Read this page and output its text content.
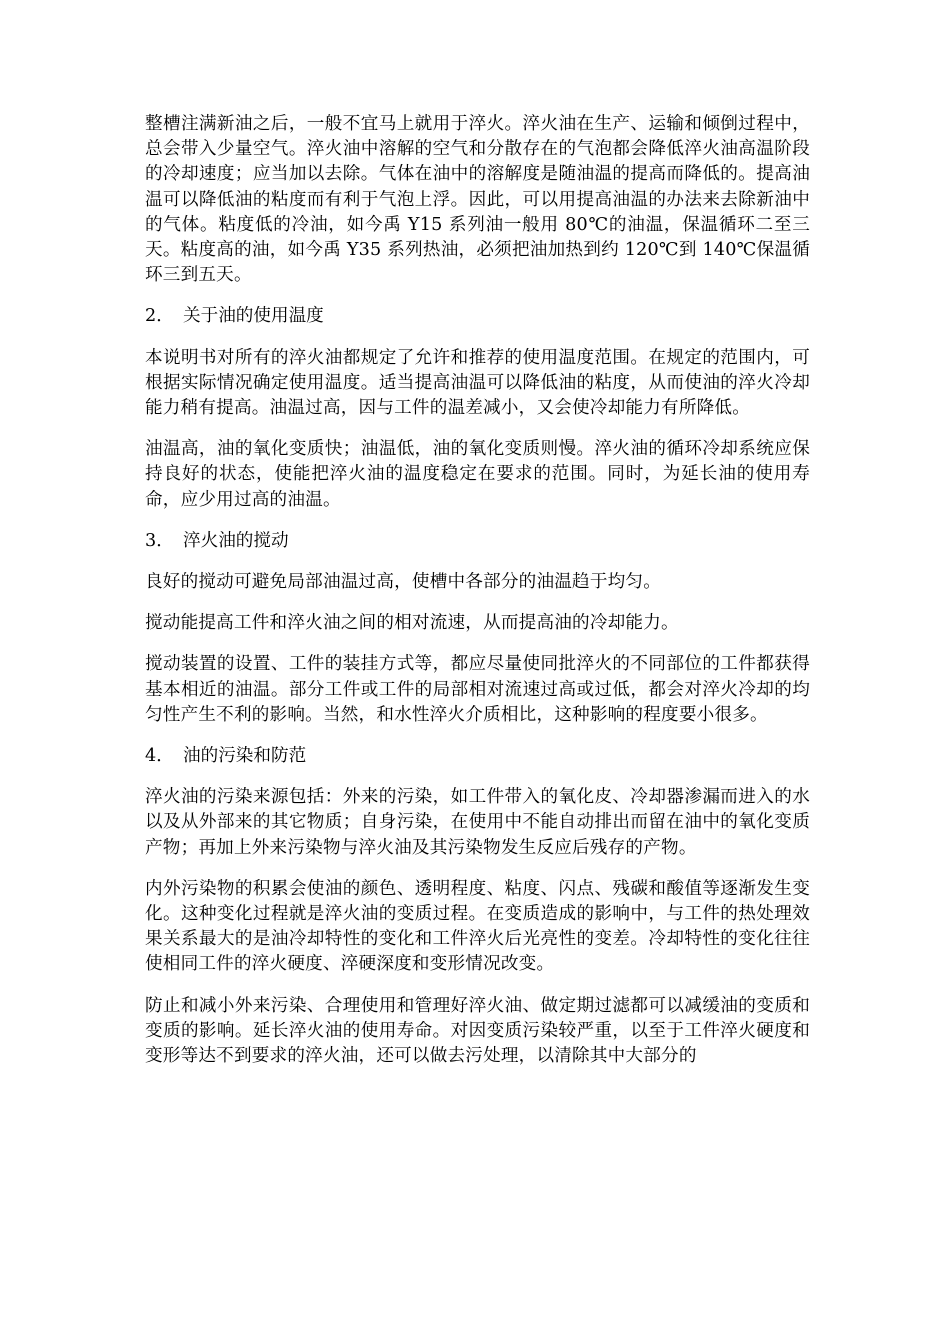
整槽注满新油之后，一般不宜马上就用于淬火。淬火油在生产、运输和倾倒过程中，总会带入少量空气。淬火油中溶解的空气和分散存在的气泡都会降低淬火油高温阶段的冷却速度；应当加以去除。气体在油中的溶解度是随油温的提高而降低的。提高油温可以降低油的粘度而有利于气泡上浮。因此，可以用提高油温的办法来去除新油中的气体。粘度低的冷油，如今禹 Y15 系列油一般用 80℃的油温，保温循环二至三天。粘度高的油，如今禹 Y35 系列热油，必须把油加热到约 120℃到 140℃保温循环三到五天。

2． 关于油的使用温度

本说明书对所有的淬火油都规定了允许和推荐的使用温度范围。在规定的范围内，可根据实际情况确定使用温度。适当提高油温可以降低油的粘度，从而使油的淬火冷却能力稍有提高。油温过高，因与工件的温差减小，又会使冷却能力有所降低。

油温高，油的氧化变质快；油温低，油的氧化变质则慢。淬火油的循环冷却系统应保持良好的状态，使能把淬火油的温度稳定在要求的范围。同时，为延长油的使用寿命，应少用过高的油温。

3． 淬火油的搅动

良好的搅动可避免局部油温过高，使槽中各部分的油温趋于均匀。

搅动能提高工件和淬火油之间的相对流速，从而提高油的冷却能力。

搅动装置的设置、工件的装挂方式等，都应尽量使同批淬火的不同部位的工件都获得基本相近的油温。部分工件或工件的局部相对流速过高或过低，都会对淬火冷却的均匀性产生不利的影响。当然，和水性淬火介质相比，这种影响的程度要小很多。

4． 油的污染和防范

淬火油的污染来源包括：外来的污染，如工件带入的氧化皮、冷却器渗漏而进入的水以及从外部来的其它物质；自身污染，在使用中不能自动排出而留在油中的氧化变质产物；再加上外来污染物与淬火油及其污染物发生反应后残存的产物。

内外污染物的积累会使油的颜色、透明程度、粘度、闪点、残碳和酸值等逐渐发生变化。这种变化过程就是淬火油的变质过程。在变质造成的影响中，与工件的热处理效果关系最大的是油冷却特性的变化和工件淬火后光亮性的变差。冷却特性的变化往往使相同工件的淬火硬度、淬硬深度和变形情况改变。

防止和减小外来污染、合理使用和管理好淬火油、做定期过滤都可以减缓油的变质和变质的影响。延长淬火油的使用寿命。对因变质污染较严重，以至于工件淬火硬度和变形等达不到要求的淬火油，还可以做去污处理，以清除其中大部分的
